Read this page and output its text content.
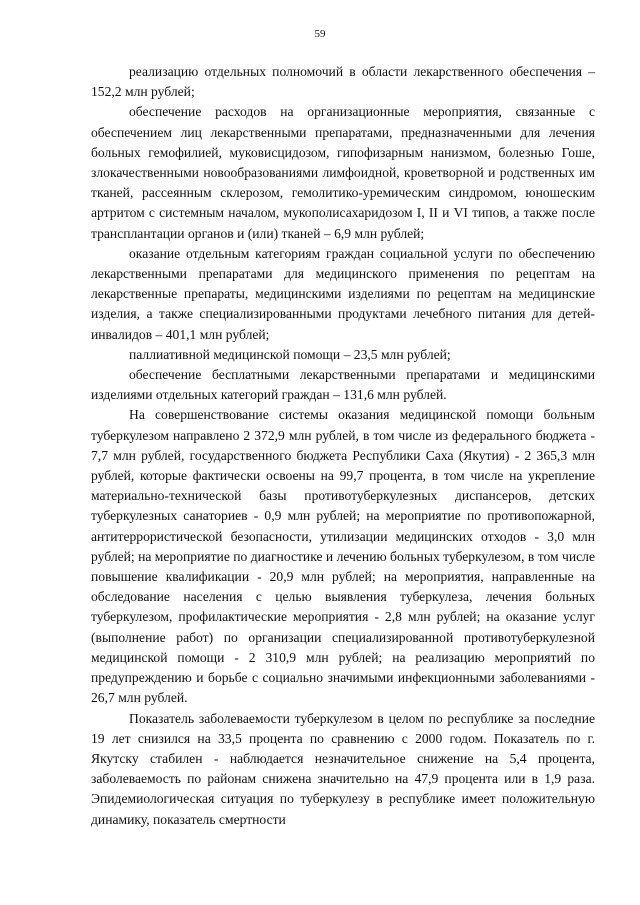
59

реализацию отдельных полномочий в области лекарственного обеспечения – 152,2 млн рублей;

обеспечение расходов на организационные мероприятия, связанные с обеспечением лиц лекарственными препаратами, предназначенными для лечения больных гемофилией, муковисцидозом, гипофизарным нанизмом, болезнью Гоше, злокачественными новообразованиями лимфоидной, кроветворной и родственных им тканей, рассеянным склерозом, гемолитико-уремическим синдромом, юношеским артритом с системным началом, мукополисахаридозом I, II и VI типов, а также после трансплантации органов и (или) тканей – 6,9 млн рублей;

оказание отдельным категориям граждан социальной услуги по обеспечению лекарственными препаратами для медицинского применения по рецептам на лекарственные препараты, медицинскими изделиями по рецептам на медицинские изделия, а также специализированными продуктами лечебного питания для детей-инвалидов – 401,1 млн рублей;

паллиативной медицинской помощи – 23,5 млн рублей;

обеспечение бесплатными лекарственными препаратами и медицинскими изделиями отдельных категорий граждан – 131,6 млн рублей.

На совершенствование системы оказания медицинской помощи больным туберкулезом направлено 2 372,9 млн рублей, в том числе из федерального бюджета - 7,7 млн рублей, государственного бюджета Республики Саха (Якутия) - 2 365,3 млн рублей, которые фактически освоены на 99,7 процента, в том числе на укрепление материально-технической базы противотуберкулезных диспансеров, детских туберкулезных санаториев - 0,9 млн рублей; на мероприятие по противопожарной, антитеррористической безопасности, утилизации медицинских отходов - 3,0 млн рублей; на мероприятие по диагностике и лечению больных туберкулезом, в том числе повышение квалификации - 20,9 млн рублей; на мероприятия, направленные на обследование населения с целью выявления туберкулеза, лечения больных туберкулезом, профилактические мероприятия - 2,8 млн рублей; на оказание услуг (выполнение работ) по организации специализированной противотуберкулезной медицинской помощи - 2 310,9 млн рублей; на реализацию мероприятий по предупреждению и борьбе с социально значимыми инфекционными заболеваниями - 26,7 млн рублей.

Показатель заболеваемости туберкулезом в целом по республике за последние 19 лет снизился на 33,5 процента по сравнению с 2000 годом. Показатель по г. Якутску стабилен - наблюдается незначительное снижение на 5,4 процента, заболеваемость по районам снижена значительно на 47,9 процента или в 1,9 раза. Эпидемиологическая ситуация по туберкулезу в республике имеет положительную динамику, показатель смертности
